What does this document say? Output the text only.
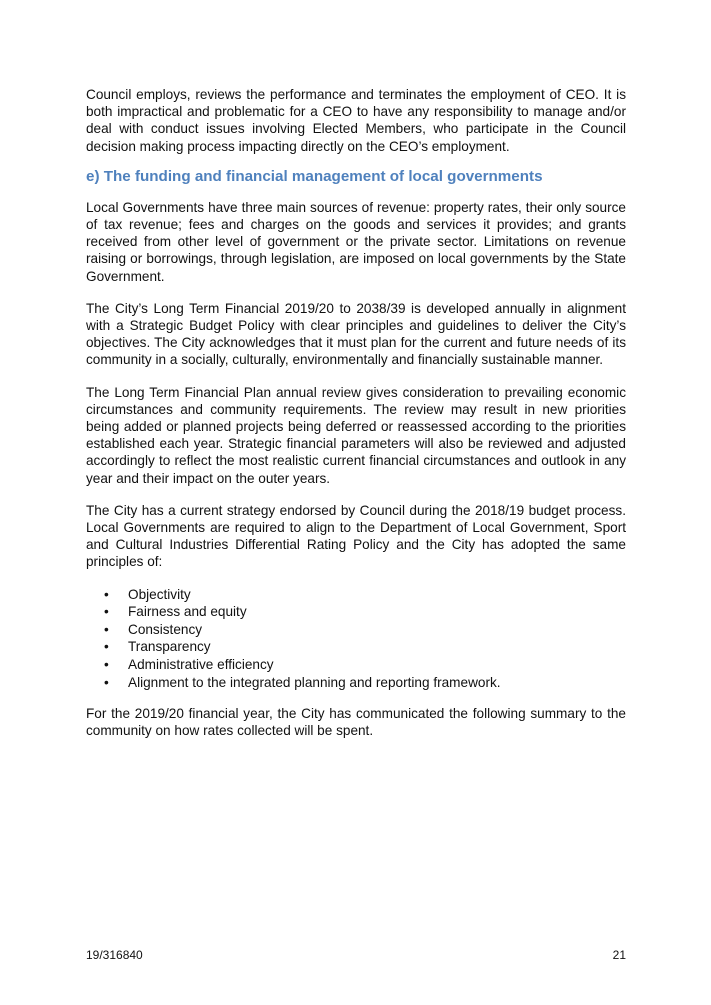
Council employs, reviews the performance and terminates the employment of CEO. It is both impractical and problematic for a CEO to have any responsibility to manage and/or deal with conduct issues involving Elected Members, who participate in the Council decision making process impacting directly on the CEO’s employment.

e) The funding and financial management of local governments

Local Governments have three main sources of revenue: property rates, their only source of tax revenue; fees and charges on the goods and services it provides; and grants received from other level of government or the private sector. Limitations on revenue raising or borrowings, through legislation, are imposed on local governments by the State Government.

The City’s Long Term Financial 2019/20 to 2038/39 is developed annually in alignment with a Strategic Budget Policy with clear principles and guidelines to deliver the City’s objectives. The City acknowledges that it must plan for the current and future needs of its community in a socially, culturally, environmentally and financially sustainable manner.

The Long Term Financial Plan annual review gives consideration to prevailing economic circumstances and community requirements. The review may result in new priorities being added or planned projects being deferred or reassessed according to the priorities established each year. Strategic financial parameters will also be reviewed and adjusted accordingly to reflect the most realistic current financial circumstances and outlook in any year and their impact on the outer years.

The City has a current strategy endorsed by Council during the 2018/19 budget process. Local Governments are required to align to the Department of Local Government, Sport and Cultural Industries Differential Rating Policy and the City has adopted the same principles of:

• Objectivity
• Fairness and equity
• Consistency
• Transparency
• Administrative efficiency
• Alignment to the integrated planning and reporting framework.

For the 2019/20 financial year, the City has communicated the following summary to the community on how rates collected will be spent.

19/316840	21
